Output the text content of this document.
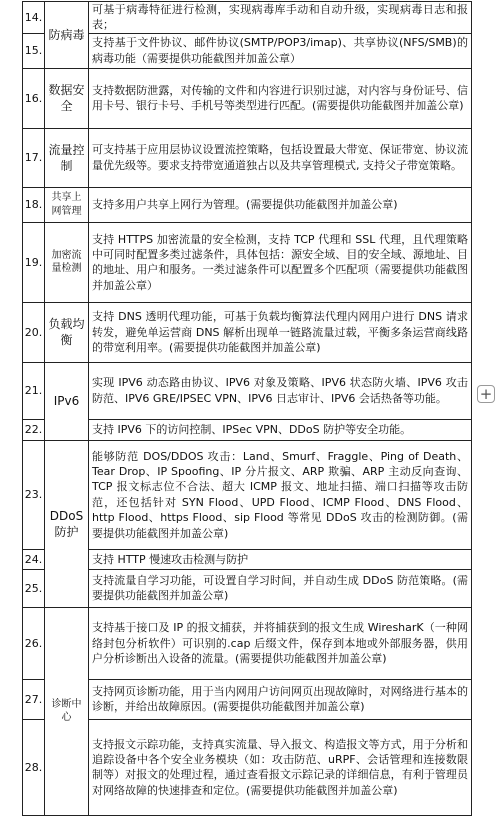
14.	防病毒	可基于病毒特征进行检测，实现病毒库手动和自动升级，实现病毒日志和报表；
15.		支持基于文件协议、邮件协议(SMTP/POP3/imap)、共享协议(NFS/SMB)的病毒功能（需要提供功能截图并加盖公章）
16.	数据安全	支持数据防泄露，对传输的文件和内容进行识别过滤，对内容与身份证号、信用卡号、银行卡号、手机号等类型进行匹配。(需要提供功能截图并加盖公章)
17.	流量控制	可支持基于应用层协议设置流控策略，包括设置最大带宽、保证带宽、协议流量优先级等。要求支持带宽通道独占以及共享管理模式, 支持父子带宽策略。
18.	共享上网管理	支持多用户共享上网行为管理。(需要提供功能截图并加盖公章)
19.	加密流量检测	支持 HTTPS 加密流量的安全检测，支持 TCP 代理和 SSL 代理，且代理策略中可同时配置多类过滤条件，具体包括：源安全域、目的安全域、源地址、目的地址、用户和服务。一类过滤条件可以配置多个匹配项（需要提供功能截图并加盖公章）
20.	负载均衡	支持 DNS 透明代理功能，可基于负载均衡算法代理内网用户进行 DNS 请求转发，避免单运营商 DNS 解析出现单一链路流量过载，平衡多条运营商线路的带宽利用率。(需要提供功能截图并加盖公章)
21.	IPv6	实现 IPV6 动态路由协议、IPV6 对象及策略、IPV6 状态防火墙、IPV6 攻击防范、IPV6 GRE/IPSEC VPN、IPV6 日志审计、IPV6 会话热备等功能。
22.		支持 IPV6 下的访问控制、IPSec VPN、DDoS 防护等安全功能。
23.	DDoS防护	能够防范 DOS/DDOS 攻击：Land、Smurf、Fraggle、Ping of Death、Tear Drop、IP Spoofing、IP 分片报文、ARP 欺骗、ARP 主动反向查询、TCP 报文标志位不合法、超大 ICMP 报文、地址扫描、端口扫描等攻击防范，还包括针对 SYN Flood、UPD Flood、ICMP Flood、DNS Flood、http Flood、https Flood、sip Flood 等常见 DDoS 攻击的检测防御。(需要提供功能截图并加盖公章)
24.		支持 HTTP 慢速攻击检测与防护
25.		支持流量自学习功能，可设置自学习时间，并自动生成 DDoS 防范策略。(需要提供功能截图并加盖公章)
26.	诊断中心	支持基于接口及 IP 的报文捕获，并将捕获到的报文生成 WiresharK（一种网络封包分析软件）可识别的.cap 后缀文件，保存到本地或外部服务器，供用户分析诊断出入设备的流量。(需要提供功能截图并加盖公章)
27.		支持网页诊断功能，用于当内网用户访问网页出现故障时，对网络进行基本的诊断，并给出故障原因。(需要提供功能截图并加盖公章)
28.		支持报文示踪功能，支持真实流量、导入报文、构造报文等方式，用于分析和追踪设备中各个安全业务模块（如：攻击防范、uRPF、会话管理和连接数限制等）对报文的处理过程，通过查看报文示踪记录的详细信息，有利于管理员对网络故障的快速排查和定位。(需要提供功能截图并加盖公章)
+
